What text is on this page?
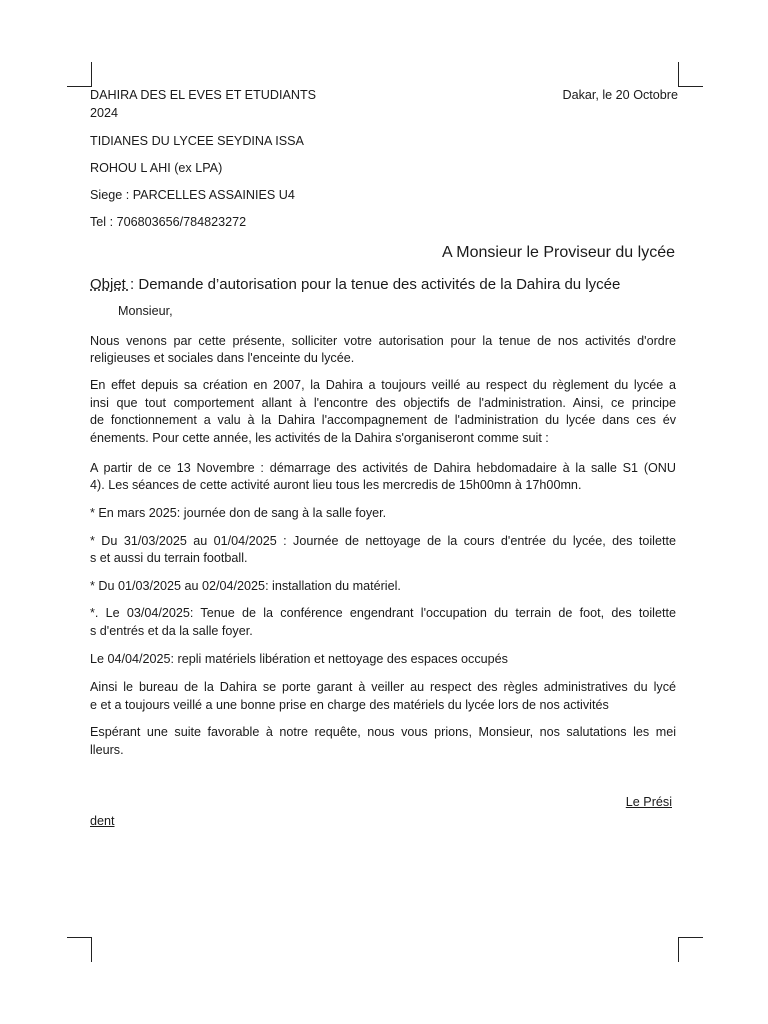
DAHIRA DES EL EVES ET ETUDIANTS	Dakar, le 20 Octobre
2024
TIDIANES DU LYCEE SEYDINA ISSA
ROHOU L AHI (ex LPA)
Siege : PARCELLES ASSAINIES U4
Tel : 706803656/784823272
A Monsieur le Proviseur du lycée
Objet : Demande d’autorisation pour la tenue des activités de la Dahira du lycée
Monsieur,
Nous venons par cette présente, solliciter votre autorisation pour la tenue de nos activités d'ordre
religieuses et sociales dans l'enceinte du lycée.
En effet depuis sa création en 2007, la Dahira a toujours veillé au respect du règlement du lycée a
insi que tout comportement allant à l'encontre des objectifs de l'administration. Ainsi, ce principe
de fonctionnement a valu à la Dahira l'accompagnement de l'administration du lycée dans ces év
énements. Pour cette année, les activités de la Dahira s'organiseront comme suit :
A partir de ce 13 Novembre : démarrage des activités de Dahira hebdomadaire à la salle S1 (ONU
4). Les séances de cette activité auront lieu tous les mercredis de 15h00mn à 17h00mn.
* En mars 2025: journée don de sang à la salle foyer.
* Du 31/03/2025 au 01/04/2025 : Journée de nettoyage de la cours d'entrée du lycée, des toilette
s et aussi du terrain football.
* Du 01/03/2025 au 02/04/2025: installation du matériel.
*. Le 03/04/2025: Tenue de la conférence engendrant l'occupation du terrain de foot, des toilette
s d'entrés et da la salle foyer.
Le 04/04/2025: repli matériels libération et nettoyage des espaces occupés
Ainsi le bureau de la Dahira se porte garant à veiller au respect des règles administratives du lycé
e et a toujours veillé a une bonne prise en charge des matériels du lycée lors de nos activités
Espérant une suite favorable à notre requête, nous vous prions, Monsieur, nos salutations les mei
lleurs.
Le Prési
dent
